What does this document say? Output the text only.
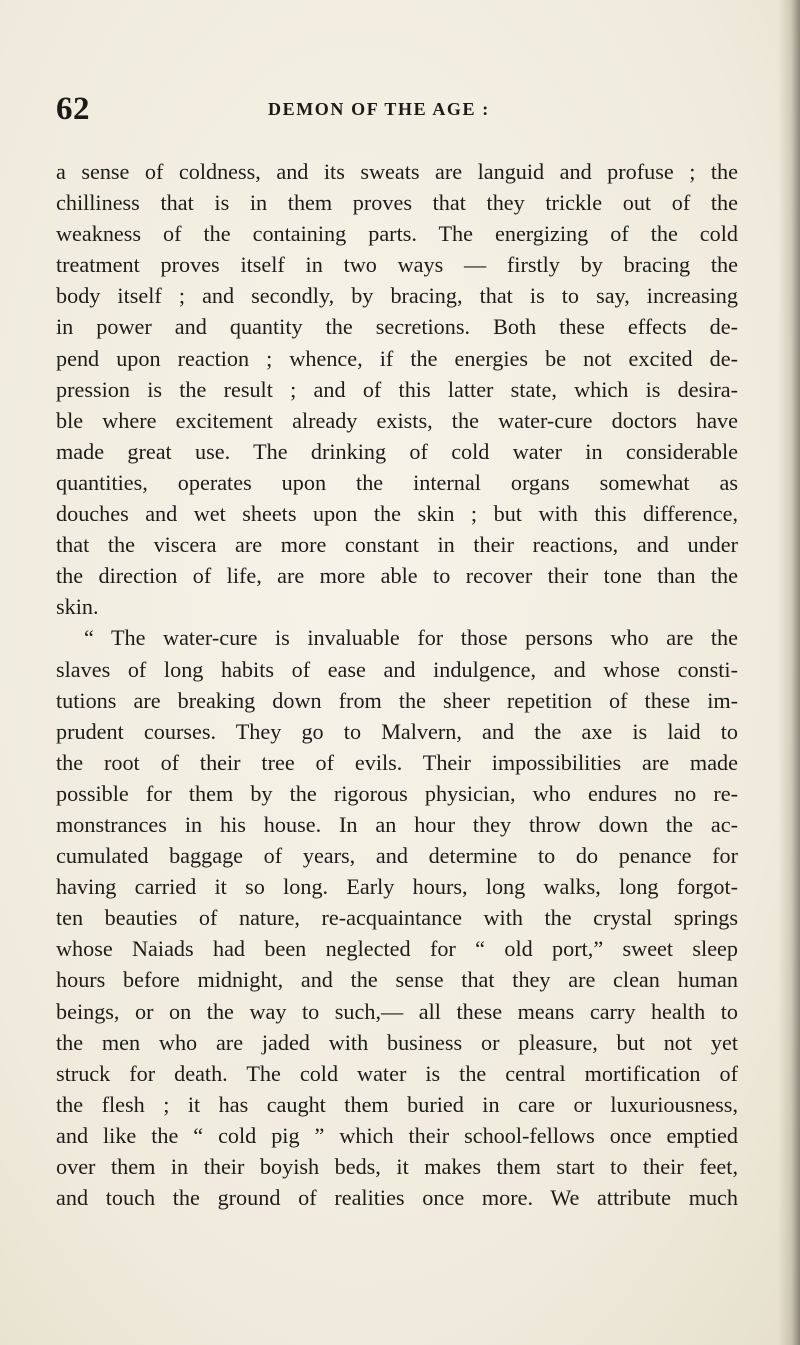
62	DEMON OF THE AGE :
a sense of coldness, and its sweats are languid and profuse ; the
chilliness that is in them proves that they trickle out of the
weakness of the containing parts. The energizing of the cold
treatment proves itself in two ways — firstly by bracing the
body itself ; and secondly, by bracing, that is to say, increasing
in power and quantity the secretions. Both these effects de-
pend upon reaction ; whence, if the energies be not excited de-
pression is the result ; and of this latter state, which is desira-
ble where excitement already exists, the water-cure doctors have
made great use. The drinking of cold water in considerable
quantities, operates upon the internal organs somewhat as
douches and wet sheets upon the skin ; but with this difference,
that the viscera are more constant in their reactions, and under
the direction of life, are more able to recover their tone than the
skin.
“ The water-cure is invaluable for those persons who are the
slaves of long habits of ease and indulgence, and whose consti-
tutions are breaking down from the sheer repetition of these im-
prudent courses. They go to Malvern, and the axe is laid to
the root of their tree of evils. Their impossibilities are made
possible for them by the rigorous physician, who endures no re-
monstrances in his house. In an hour they throw down the ac-
cumulated baggage of years, and determine to do penance for
having carried it so long. Early hours, long walks, long forgot-
ten beauties of nature, re-acquaintance with the crystal springs
whose Naiads had been neglected for “ old port,” sweet sleep
hours before midnight, and the sense that they are clean human
beings, or on the way to such,— all these means carry health to
the men who are jaded with business or pleasure, but not yet
struck for death. The cold water is the central mortification of
the flesh ; it has caught them buried in care or luxuriousness,
and like the “ cold pig ” which their school-fellows once emptied
over them in their boyish beds, it makes them start to their feet,
and touch the ground of realities once more. We attribute much
